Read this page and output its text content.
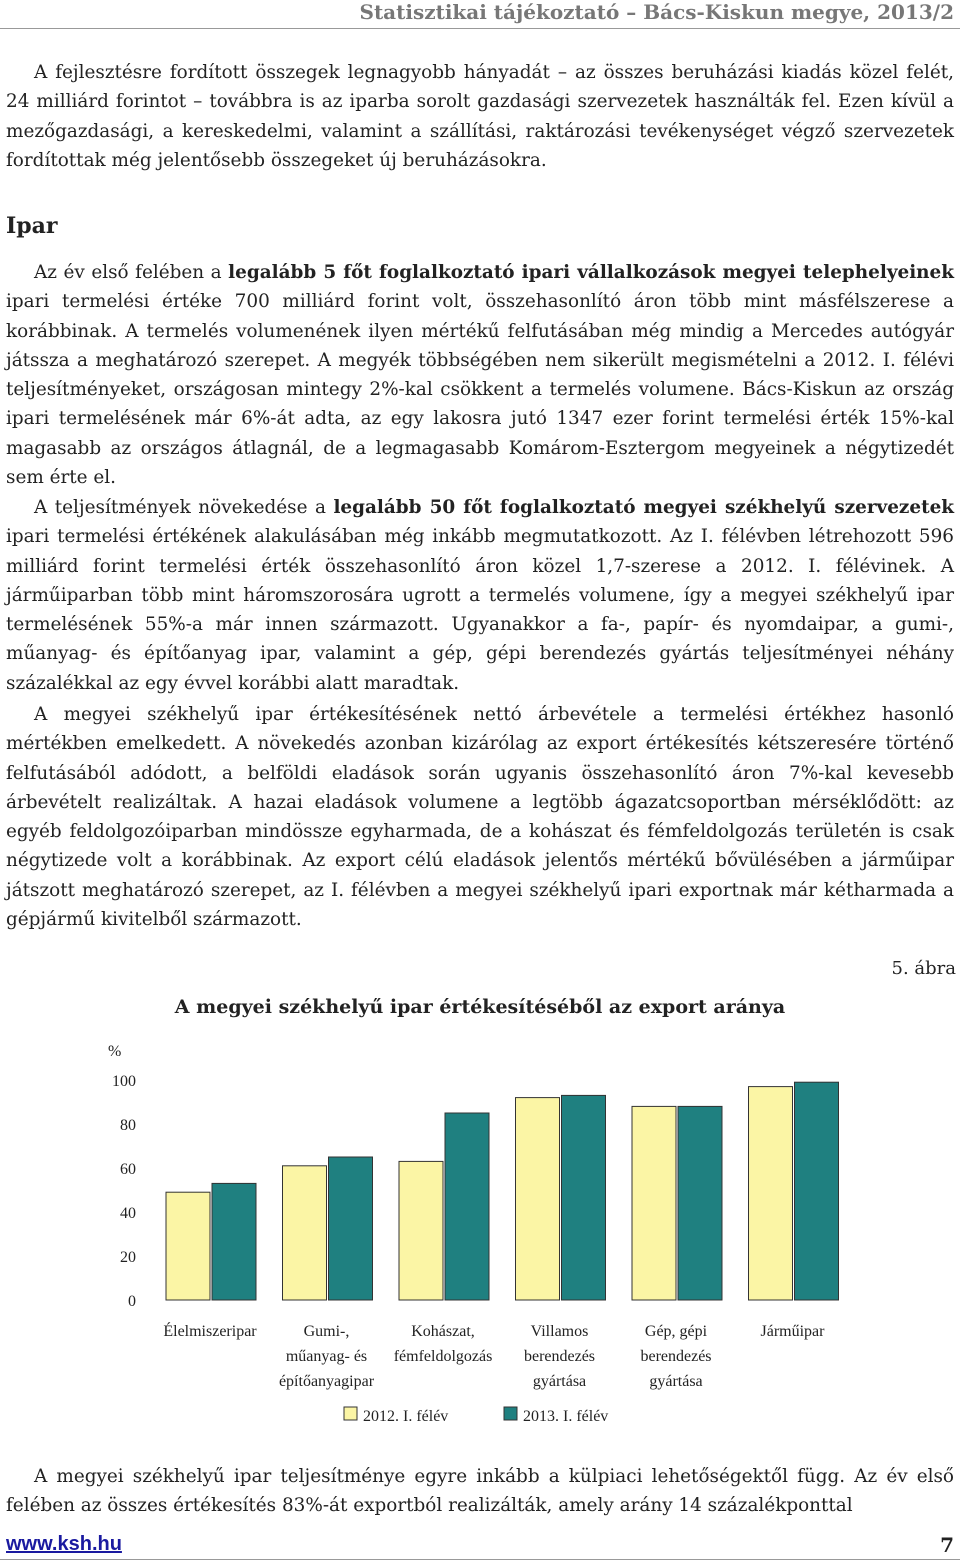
Statisztikai tájékoztató – Bács-Kiskun megye, 2013/2
A fejlesztésre fordított összegek legnagyobb hányadát – az összes beruházási kiadás közel felét, 24 milliárd forintot – továbbra is az iparba sorolt gazdasági szervezetek használták fel. Ezen kívül a mezőgazdasági, a kereskedelmi, valamint a szállítási, raktározási tevékenységet végző szervezetek fordítottak még jelentősebb összegeket új beruházásokra.
Ipar
Az év első felében a legalább 5 főt foglalkoztató ipari vállalkozások megyei telephelyeinek ipari termelési értéke 700 milliárd forint volt, összehasonlító áron több mint másfélszerese a korábbinak. A termelés volumenének ilyen mértékű felfutásában még mindig a Mercedes autógyár játssza a meghatározó szerepet. A megyék többségében nem sikerült megismételni a 2012. I. félévi teljesítményeket, országosan mintegy 2%-kal csökkent a termelés volumene. Bács-Kiskun az ország ipari termelésének már 6%-át adta, az egy lakosra jutó 1347 ezer forint termelési érték 15%-kal magasabb az országos átlagnál, de a legmagasabb Komárom-Esztergom megyeinek a négytizedét sem érte el.
A teljesítmények növekedése a legalább 50 főt foglalkoztató megyei székhelyű szervezetek ipari termelési értékének alakulásában még inkább megmutatkozott. Az I. félévben létrehozott 596 milliárd forint termelési érték összehasonlító áron közel 1,7-szerese a 2012. I. félévinek. A járműiparban több mint háromszorosára ugrott a termelés volumene, így a megyei székhelyű ipar termelésének 55%-a már innen származott. Ugyanakkor a fa-, papír- és nyomdaipar, a gumi-, műanyag- és építőanyag ipar, valamint a gép, gépi berendezés gyártás teljesítményei néhány százalékkal az egy évvel korábbi alatt maradtak.
A megyei székhelyű ipar értékesítésének nettó árbevétele a termelési értékhez hasonló mértékben emelkedett. A növekedés azonban kizárólag az export értékesítés kétszeresére történő felfutásából adódott, a belföldi eladások során ugyanis összehasonlító áron 7%-kal kevesebb árbevételt realizáltak. A hazai eladások volumene a legtöbb ágazatcsoportban mérséklődött: az egyéb feldolgozóiparban mindössze egyharmada, de a kohászat és fémfeldolgozás területén is csak négytizede volt a korábbinak. Az export célú eladások jelentős mértékű bővülésében a járműipar játszott meghatározó szerepet, az I. félévben a megyei székhelyű ipari exportnak már kétharmada a gépjármű kivitelből származott.
5. ábra
A megyei székhelyű ipar értékesítéséből az export aránya
%
0
20
40
60
80
100
Élelmiszeripar	Gumi-,
műanyag- és
építőanyagipar
Kohászat,
fémfeldolgozás
Villamos
berendezés
gyártása
Gép, gépi
berendezés
gyártása
Járműipar
2012. I. félév	2013. I. félév
A megyei székhelyű ipar teljesítménye egyre inkább a külpiaci lehetőségektől függ. Az év első felében az összes értékesítés 83%-át exportból realizálták, amely arány 14 százalékponttal
www.ksh.hu	7
